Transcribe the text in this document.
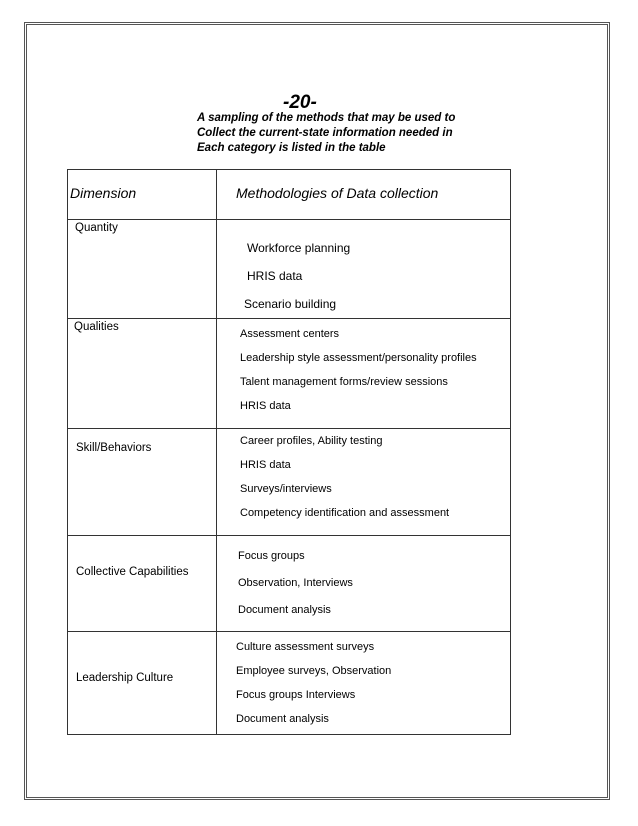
-20-
A sampling of the methods that may be used to
Collect the current-state information needed in
Each category is listed in the table
Dimension	Methodologies of Data collection

Quantity	Workforce planning
HRIS data
Scenario building

Qualities	Assessment centers
Leadership style assessment/personality profiles
Talent management forms/review sessions
HRIS data

Skill/Behaviors	Career profiles, Ability testing
HRIS data
Surveys/interviews
Competency identification and assessment

Collective Capabilities	Focus groups
Observation, Interviews
Document analysis

Leadership Culture	Culture assessment surveys
Employee surveys, Observation
Focus groups Interviews
Document analysis
